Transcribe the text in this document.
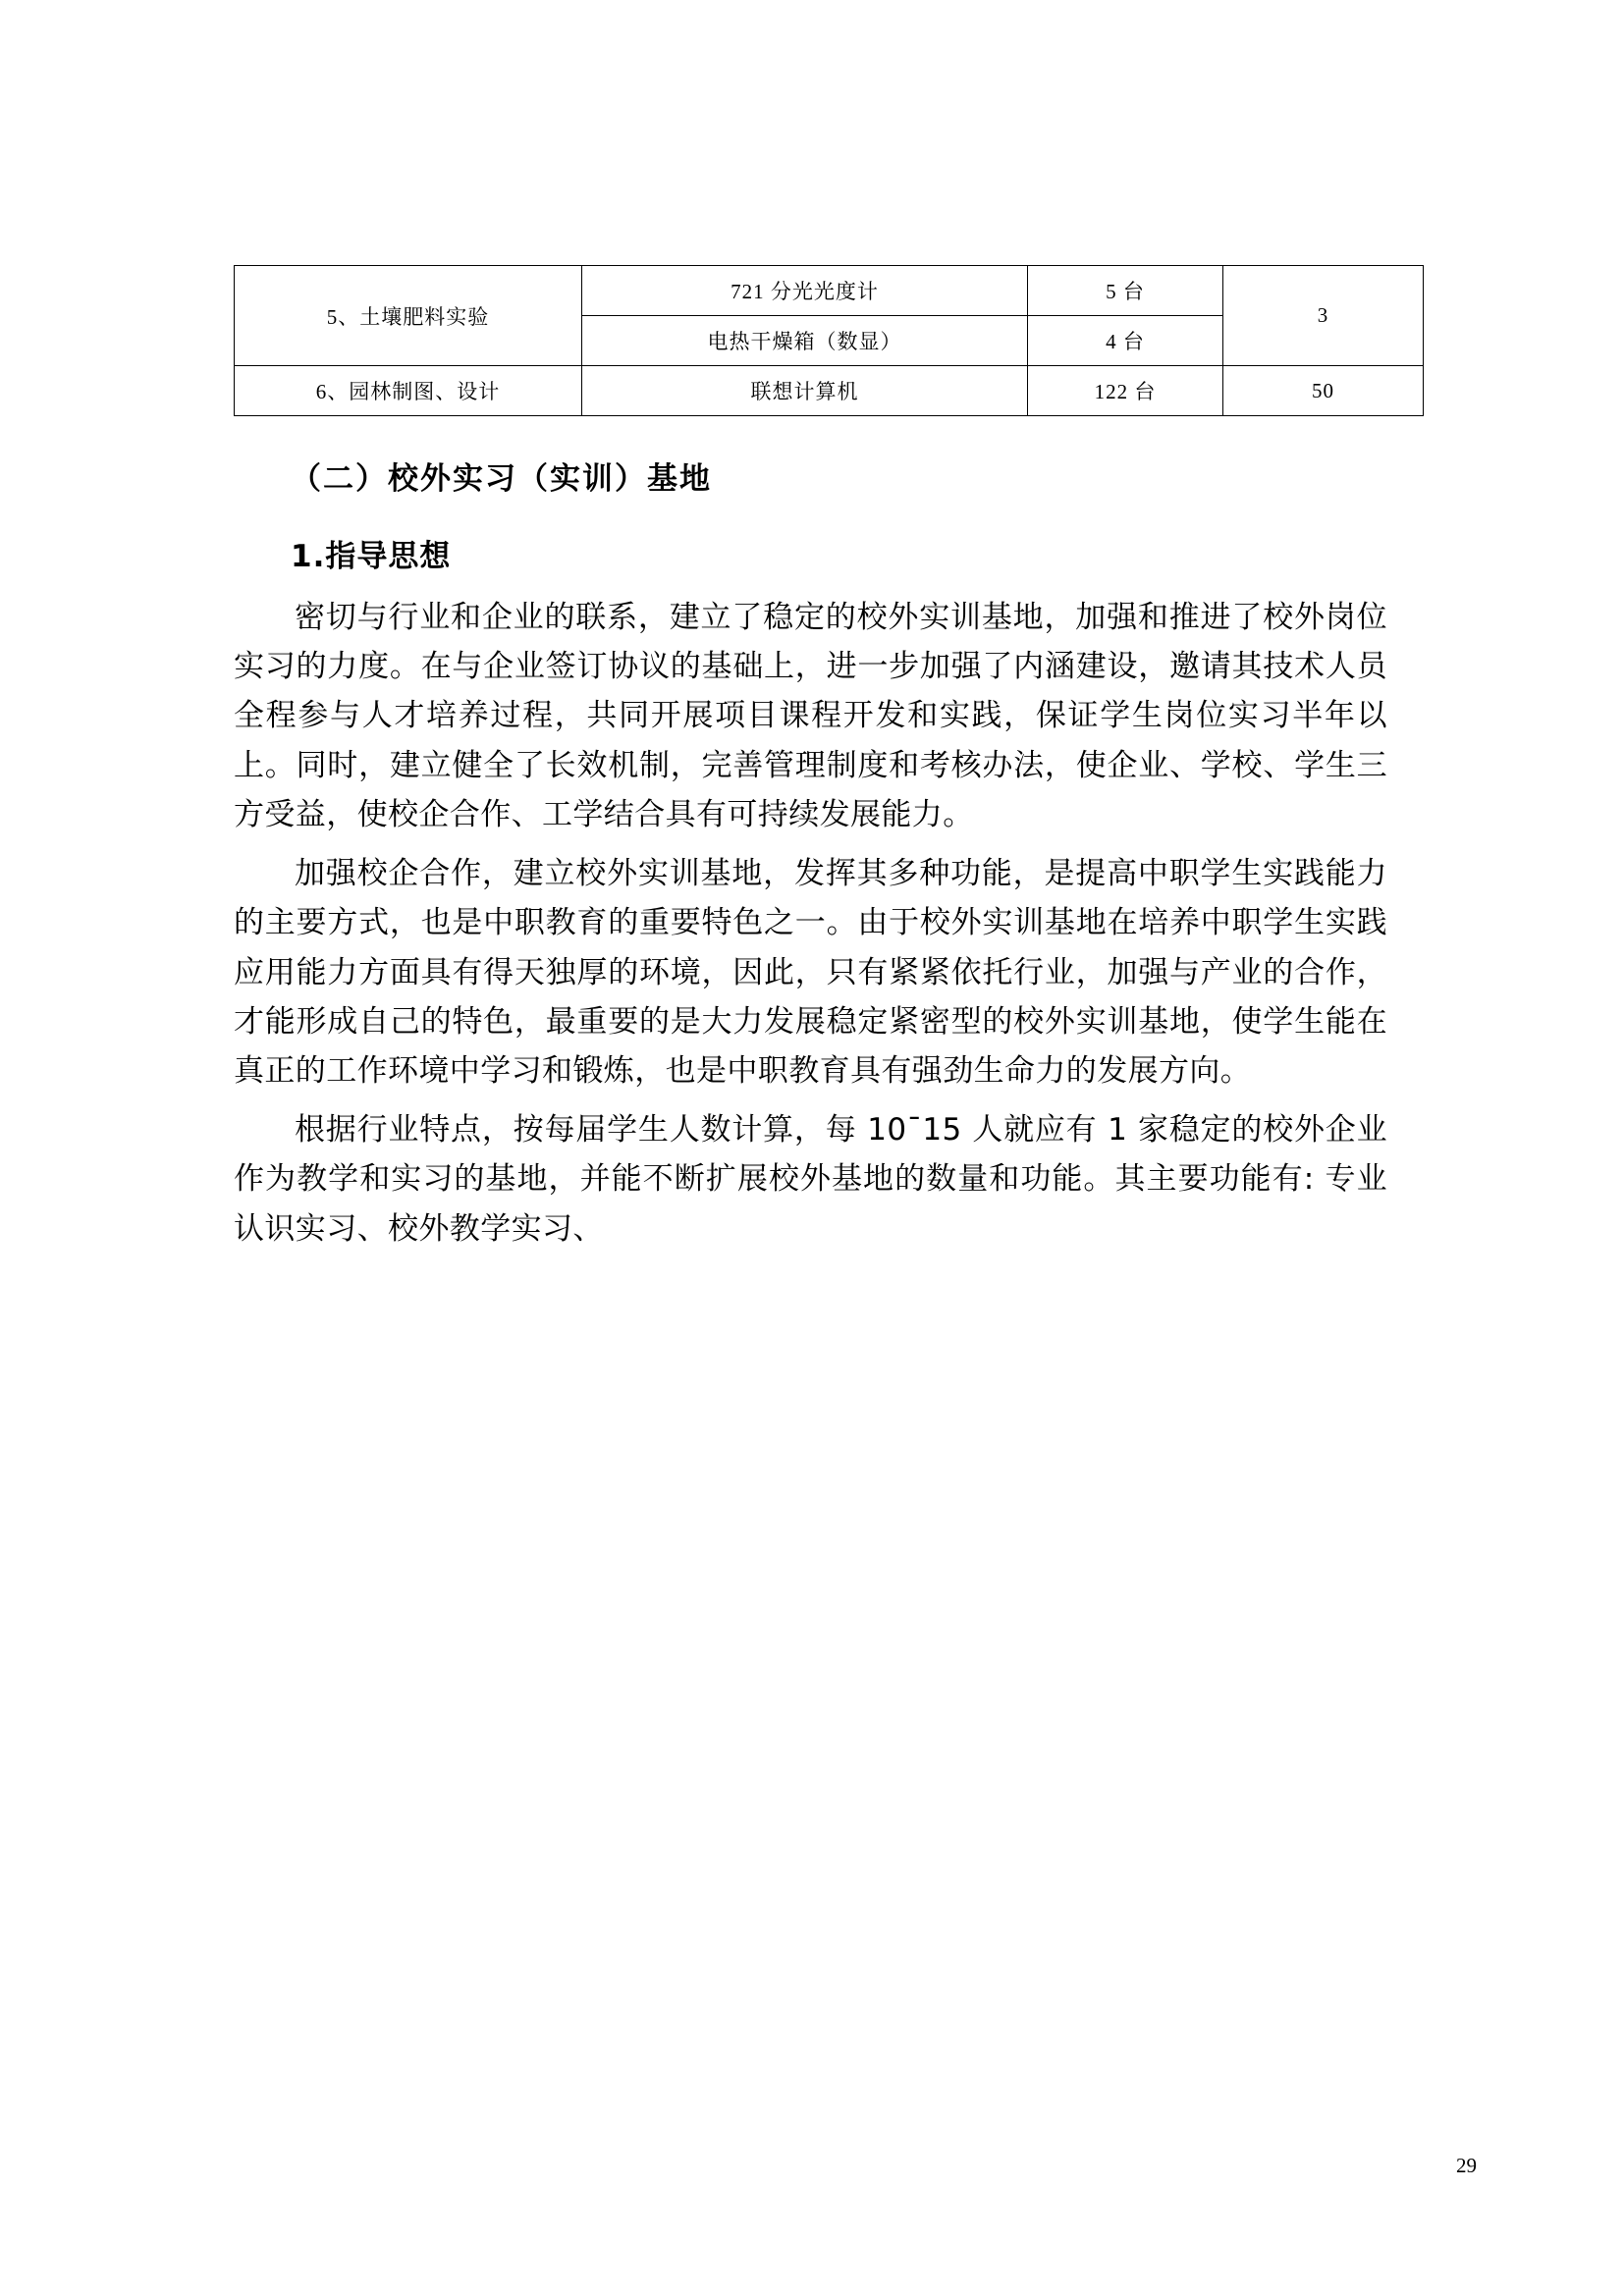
5、土壤肥料实验	721 分光光度计	5 台	3
	电热干燥箱（数显）	4 台	
6、园林制图、设计	联想计算机	122 台	50
（二）校外实习（实训）基地
1.指导思想

密切与行业和企业的联系，建立了稳定的校外实训基地，加强和推进了校外岗位实习的力度。在与企业签订协议的基础上，进一步加强了内涵建设，邀请其技术人员全程参与人才培养过程，共同开展项目课程开发和实践，保证学生岗位实习半年以上。同时，建立健全了长效机制，完善管理制度和考核办法，使企业、学校、学生三方受益，使校企合作、工学结合具有可持续发展能力。

加强校企合作，建立校外实训基地，发挥其多种功能，是提高中职学生实践能力的主要方式，也是中职教育的重要特色之一。由于校外实训基地在培养中职学生实践应用能力方面具有得天独厚的环境，因此，只有紧紧依托行业，加强与产业的合作，才能形成自己的特色，最重要的是大力发展稳定紧密型的校外实训基地，使学生能在真正的工作环境中学习和锻炼，也是中职教育具有强劲生命力的发展方向。

根据行业特点，按每届学生人数计算，每 10ˉ15 人就应有 1 家稳定的校外企业作为教学和实习的基地，并能不断扩展校外基地的数量和功能。其主要功能有: 专业认识实习、校外教学实习、

29
